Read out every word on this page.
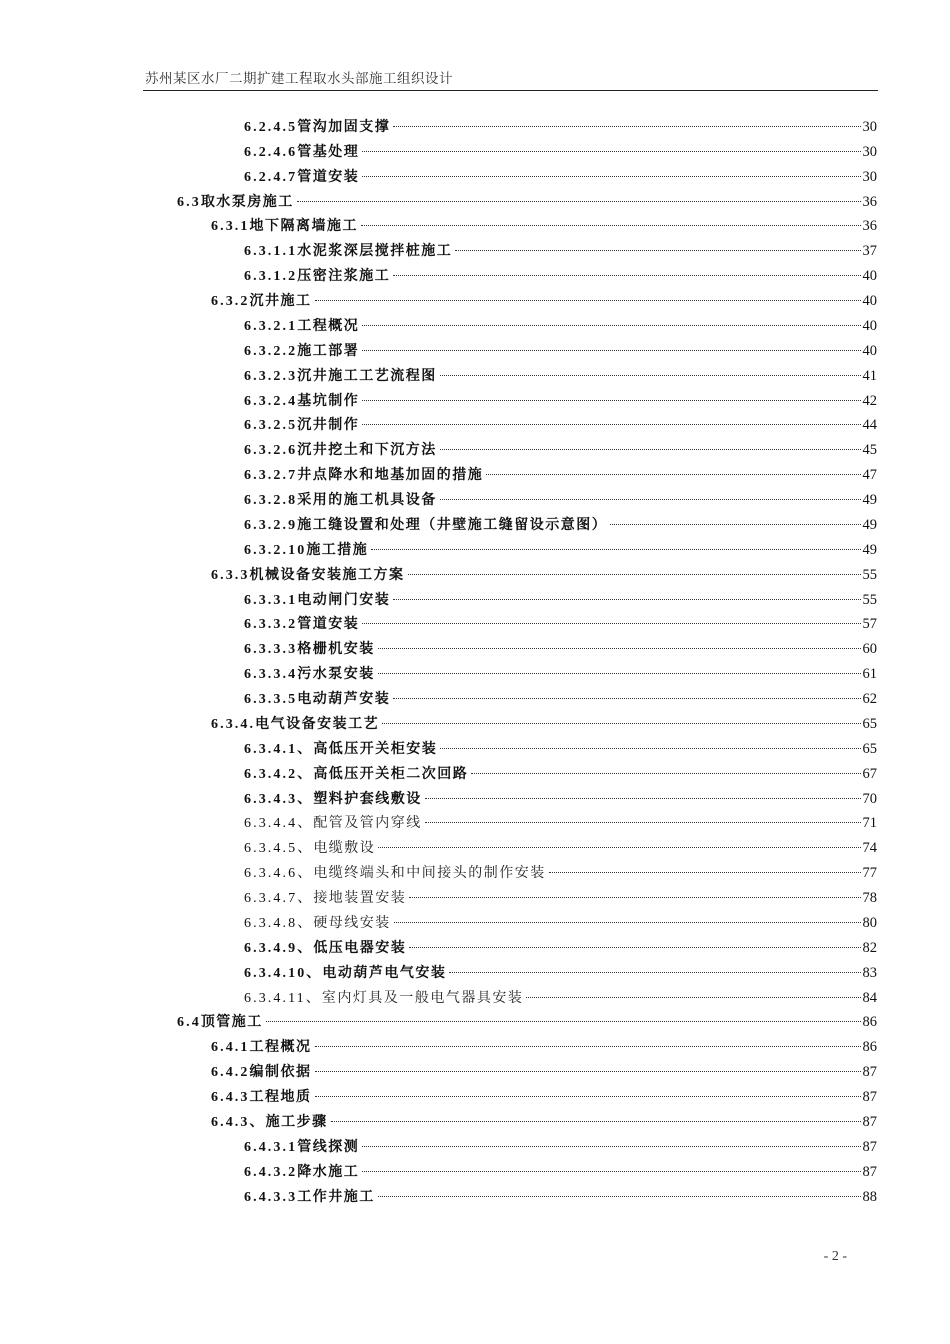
苏州某区水厂二期扩建工程取水头部施工组织设计
6.2.4.5 管沟加固支撑	30
6.2.4.6 管基处理	30
6.2.4.7 管道安装	30
6.3 取水泵房施工	36
6.3.1 地下隔离墙施工	36
6.3.1.1 水泥浆深层搅拌桩施工	37
6.3.1.2 压密注浆施工	40
6.3.2 沉井施工	40
6.3.2.1 工程概况	40
6.3.2.2 施工部署	40
6.3.2.3 沉井施工工艺流程图	41
6.3.2.4 基坑制作	42
6.3.2.5 沉井制作	44
6.3.2.6 沉井挖土和下沉方法	45
6.3.2.7 井点降水和地基加固的措施	47
6.3.2.8 采用的施工机具设备	49
6.3.2.9 施工缝设置和处理（井壁施工缝留设示意图）	49
6.3.2.10 施工措施	49
6.3.3 机械设备安装施工方案	55
6.3.3.1 电动闸门安装	55
6.3.3.2 管道安装	57
6.3.3.3 格栅机安装	60
6.3.3.4 污水泵安装	61
6.3.3.5 电动葫芦安装	62
6.3.4. 电气设备安装工艺	65
6.3.4.1、 高低压开关柜安装	65
6.3.4.2、 高低压开关柜二次回路	67
6.3.4.3、 塑料护套线敷设	70
6.3.4.4、 配管及管内穿线	71
6.3.4.5、 电缆敷设	74
6.3.4.6、 电缆终端头和中间接头的制作安装	77
6.3.4.7、 接地装置安装	78
6.3.4.8、 硬母线安装	80
6.3.4.9、 低压电器安装	82
6.3.4.10、 电动葫芦电气安装	83
6.3.4.11、 室内灯具及一般电气器具安装	84
6.4 顶管施工	86
6.4.1 工程概况	86
6.4.2 编制依据	87
6.4.3 工程地质	87
6.4.3、 施工步骤	87
6.4.3.1 管线探测	87
6.4.3.2 降水施工	87
6.4.3.3 工作井施工	88
- 2 -
